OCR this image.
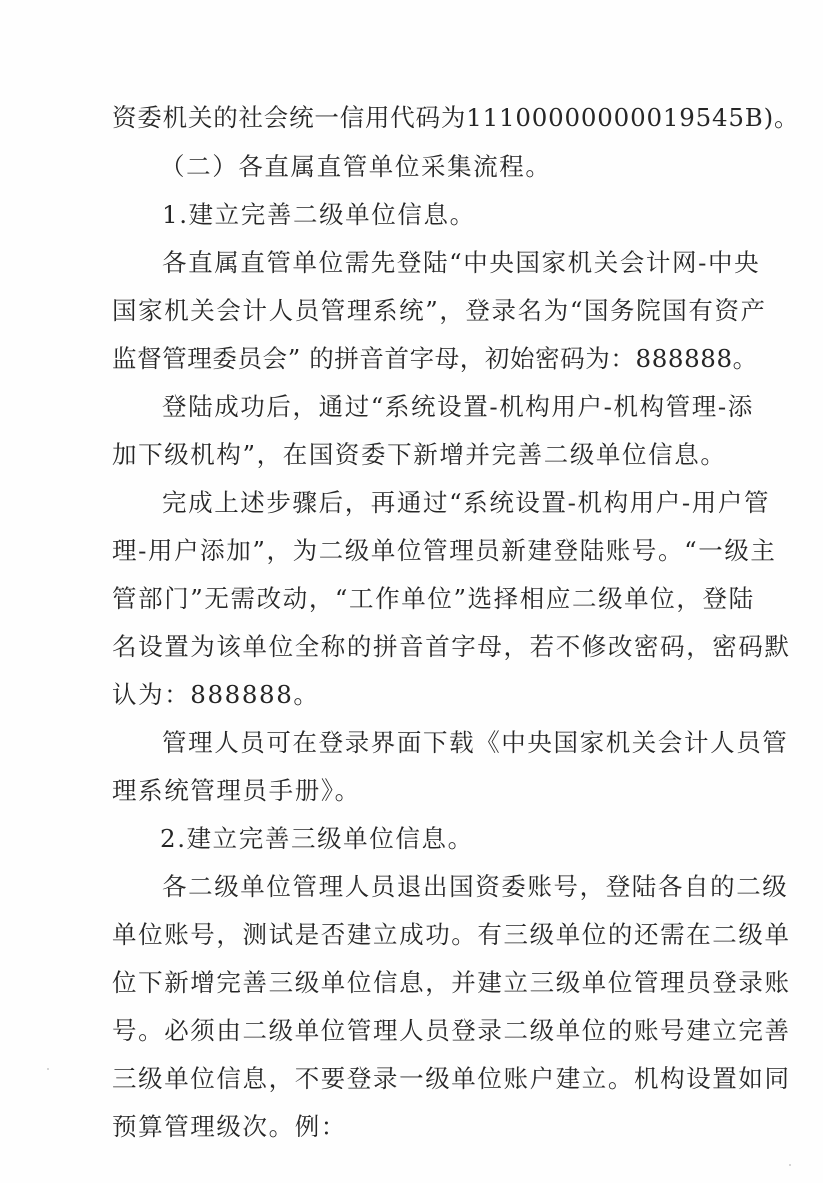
资委机关的社会统一信用代码为11100000000019545B)。
（二）各直属直管单位采集流程。
1.建立完善二级单位信息。
各直属直管单位需先登陆“中央国家机关会计网-中央
国家机关会计人员管理系统”，登录名为“国务院国有资产
监督管理委员会” 的拼音首字母，初始密码为：888888。
登陆成功后，通过“系统设置-机构用户-机构管理-添
加下级机构”，在国资委下新增并完善二级单位信息。
完成上述步骤后，再通过“系统设置-机构用户-用户管
理-用户添加”，为二级单位管理员新建登陆账号。“一级主
管部门”无需改动，“工作单位”选择相应二级单位，登陆
名设置为该单位全称的拼音首字母，若不修改密码，密码默
认为：888888。
管理人员可在登录界面下载《中央国家机关会计人员管
理系统管理员手册》。
2.建立完善三级单位信息。
各二级单位管理人员退出国资委账号，登陆各自的二级
单位账号，测试是否建立成功。有三级单位的还需在二级单
位下新增完善三级单位信息，并建立三级单位管理员登录账
号。必须由二级单位管理人员登录二级单位的账号建立完善
三级单位信息，不要登录一级单位账户建立。机构设置如同
预算管理级次。例：
